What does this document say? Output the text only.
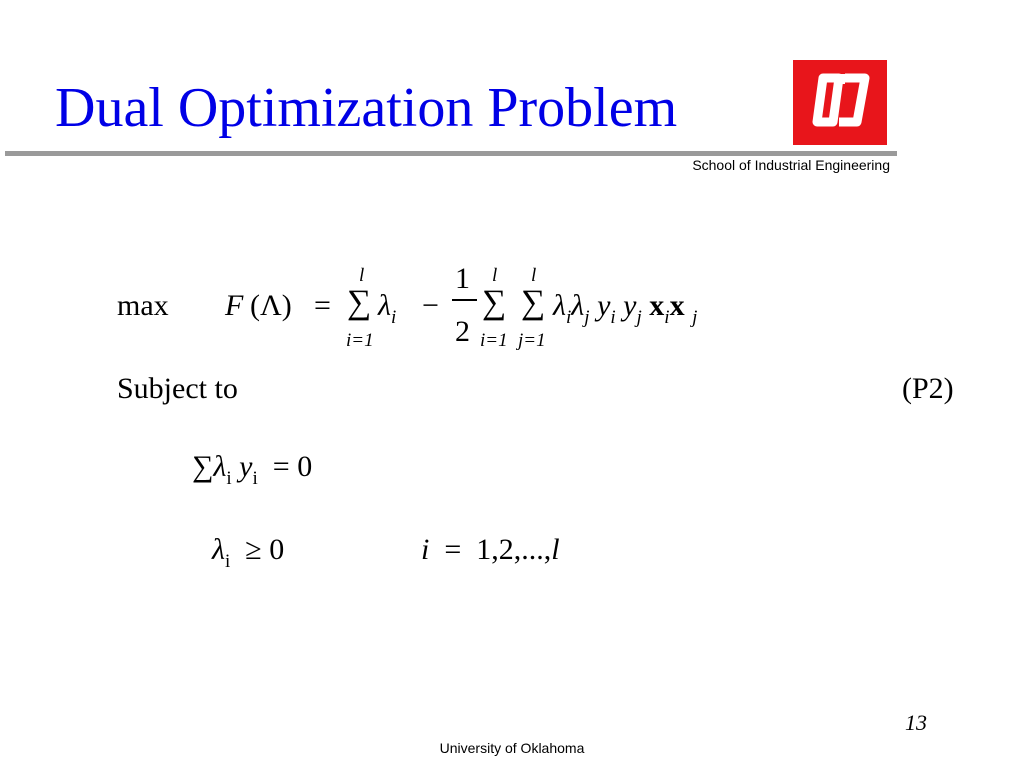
Dual Optimization Problem
School of Industrial Engineering
max F (Λ) =
l
∑
i=1
$\lambda_i$ −
1
2
l
∑
i=1
l
∑
j=1
$\lambda_i\lambda_j$ $y_i$ $y_j$ $x_ix$ $_j$
Subject to	(P2)
$\sum\lambda_i$ $y_i = 0$
$\lambda_i \ge 0$	i = 1,2,...,l
13
University of Oklahoma
